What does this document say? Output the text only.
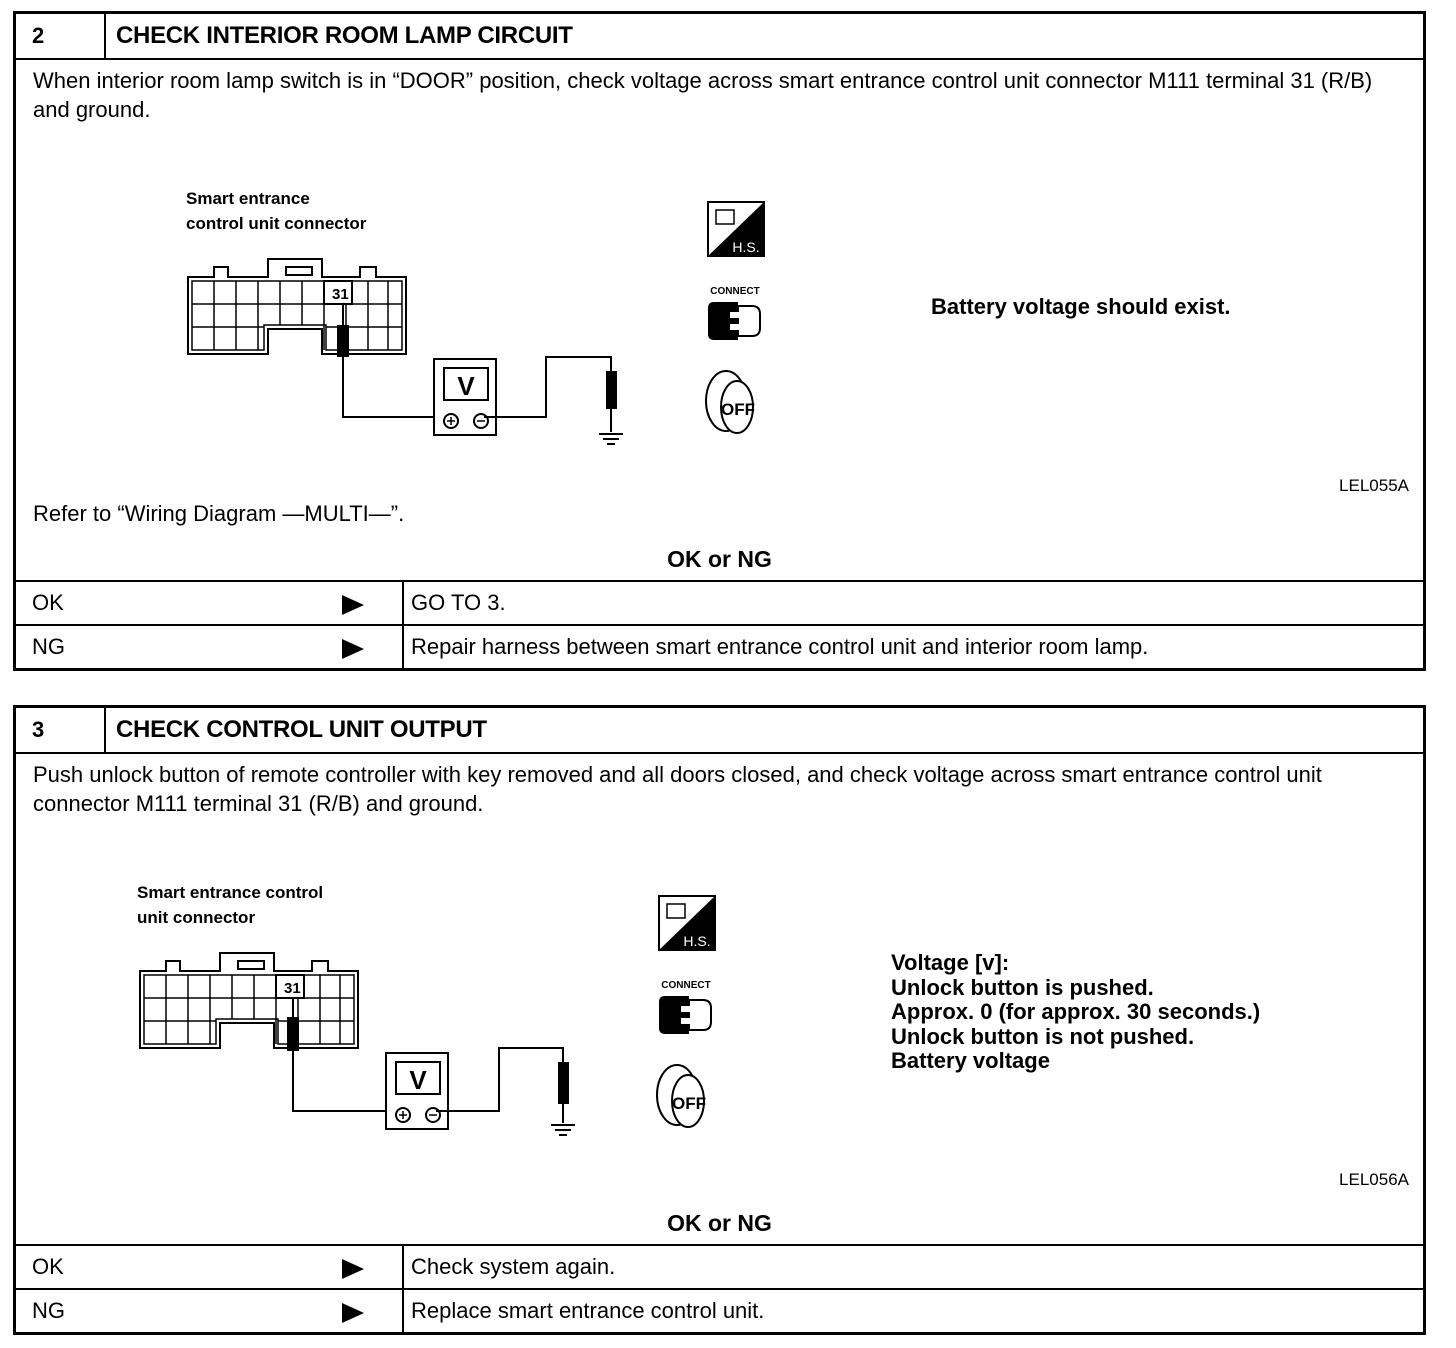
2	CHECK INTERIOR ROOM LAMP CIRCUIT
When interior room lamp switch is in “DOOR” position, check voltage across smart entrance control unit connector M111 terminal 31 (R/B) and ground.
Smart entrance
control unit connector
31
V
H.S.
CONNECT
OFF
Battery voltage should exist.
LEL055A
Refer to “Wiring Diagram —MULTI—”.
OK or NG
OK	GO TO 3.
NG	Repair harness between smart entrance control unit and interior room lamp.
3	CHECK CONTROL UNIT OUTPUT
Push unlock button of remote controller with key removed and all doors closed, and check voltage across smart entrance control unit connector M111 terminal 31 (R/B) and ground.
Smart entrance control
unit connector
31
V
H.S.
CONNECT
OFF
Voltage [v]:
Unlock button is pushed.
Approx. 0 (for approx. 30 seconds.)
Unlock button is not pushed.
Battery voltage
LEL056A
OK or NG
OK	Check system again.
NG	Replace smart entrance control unit.
